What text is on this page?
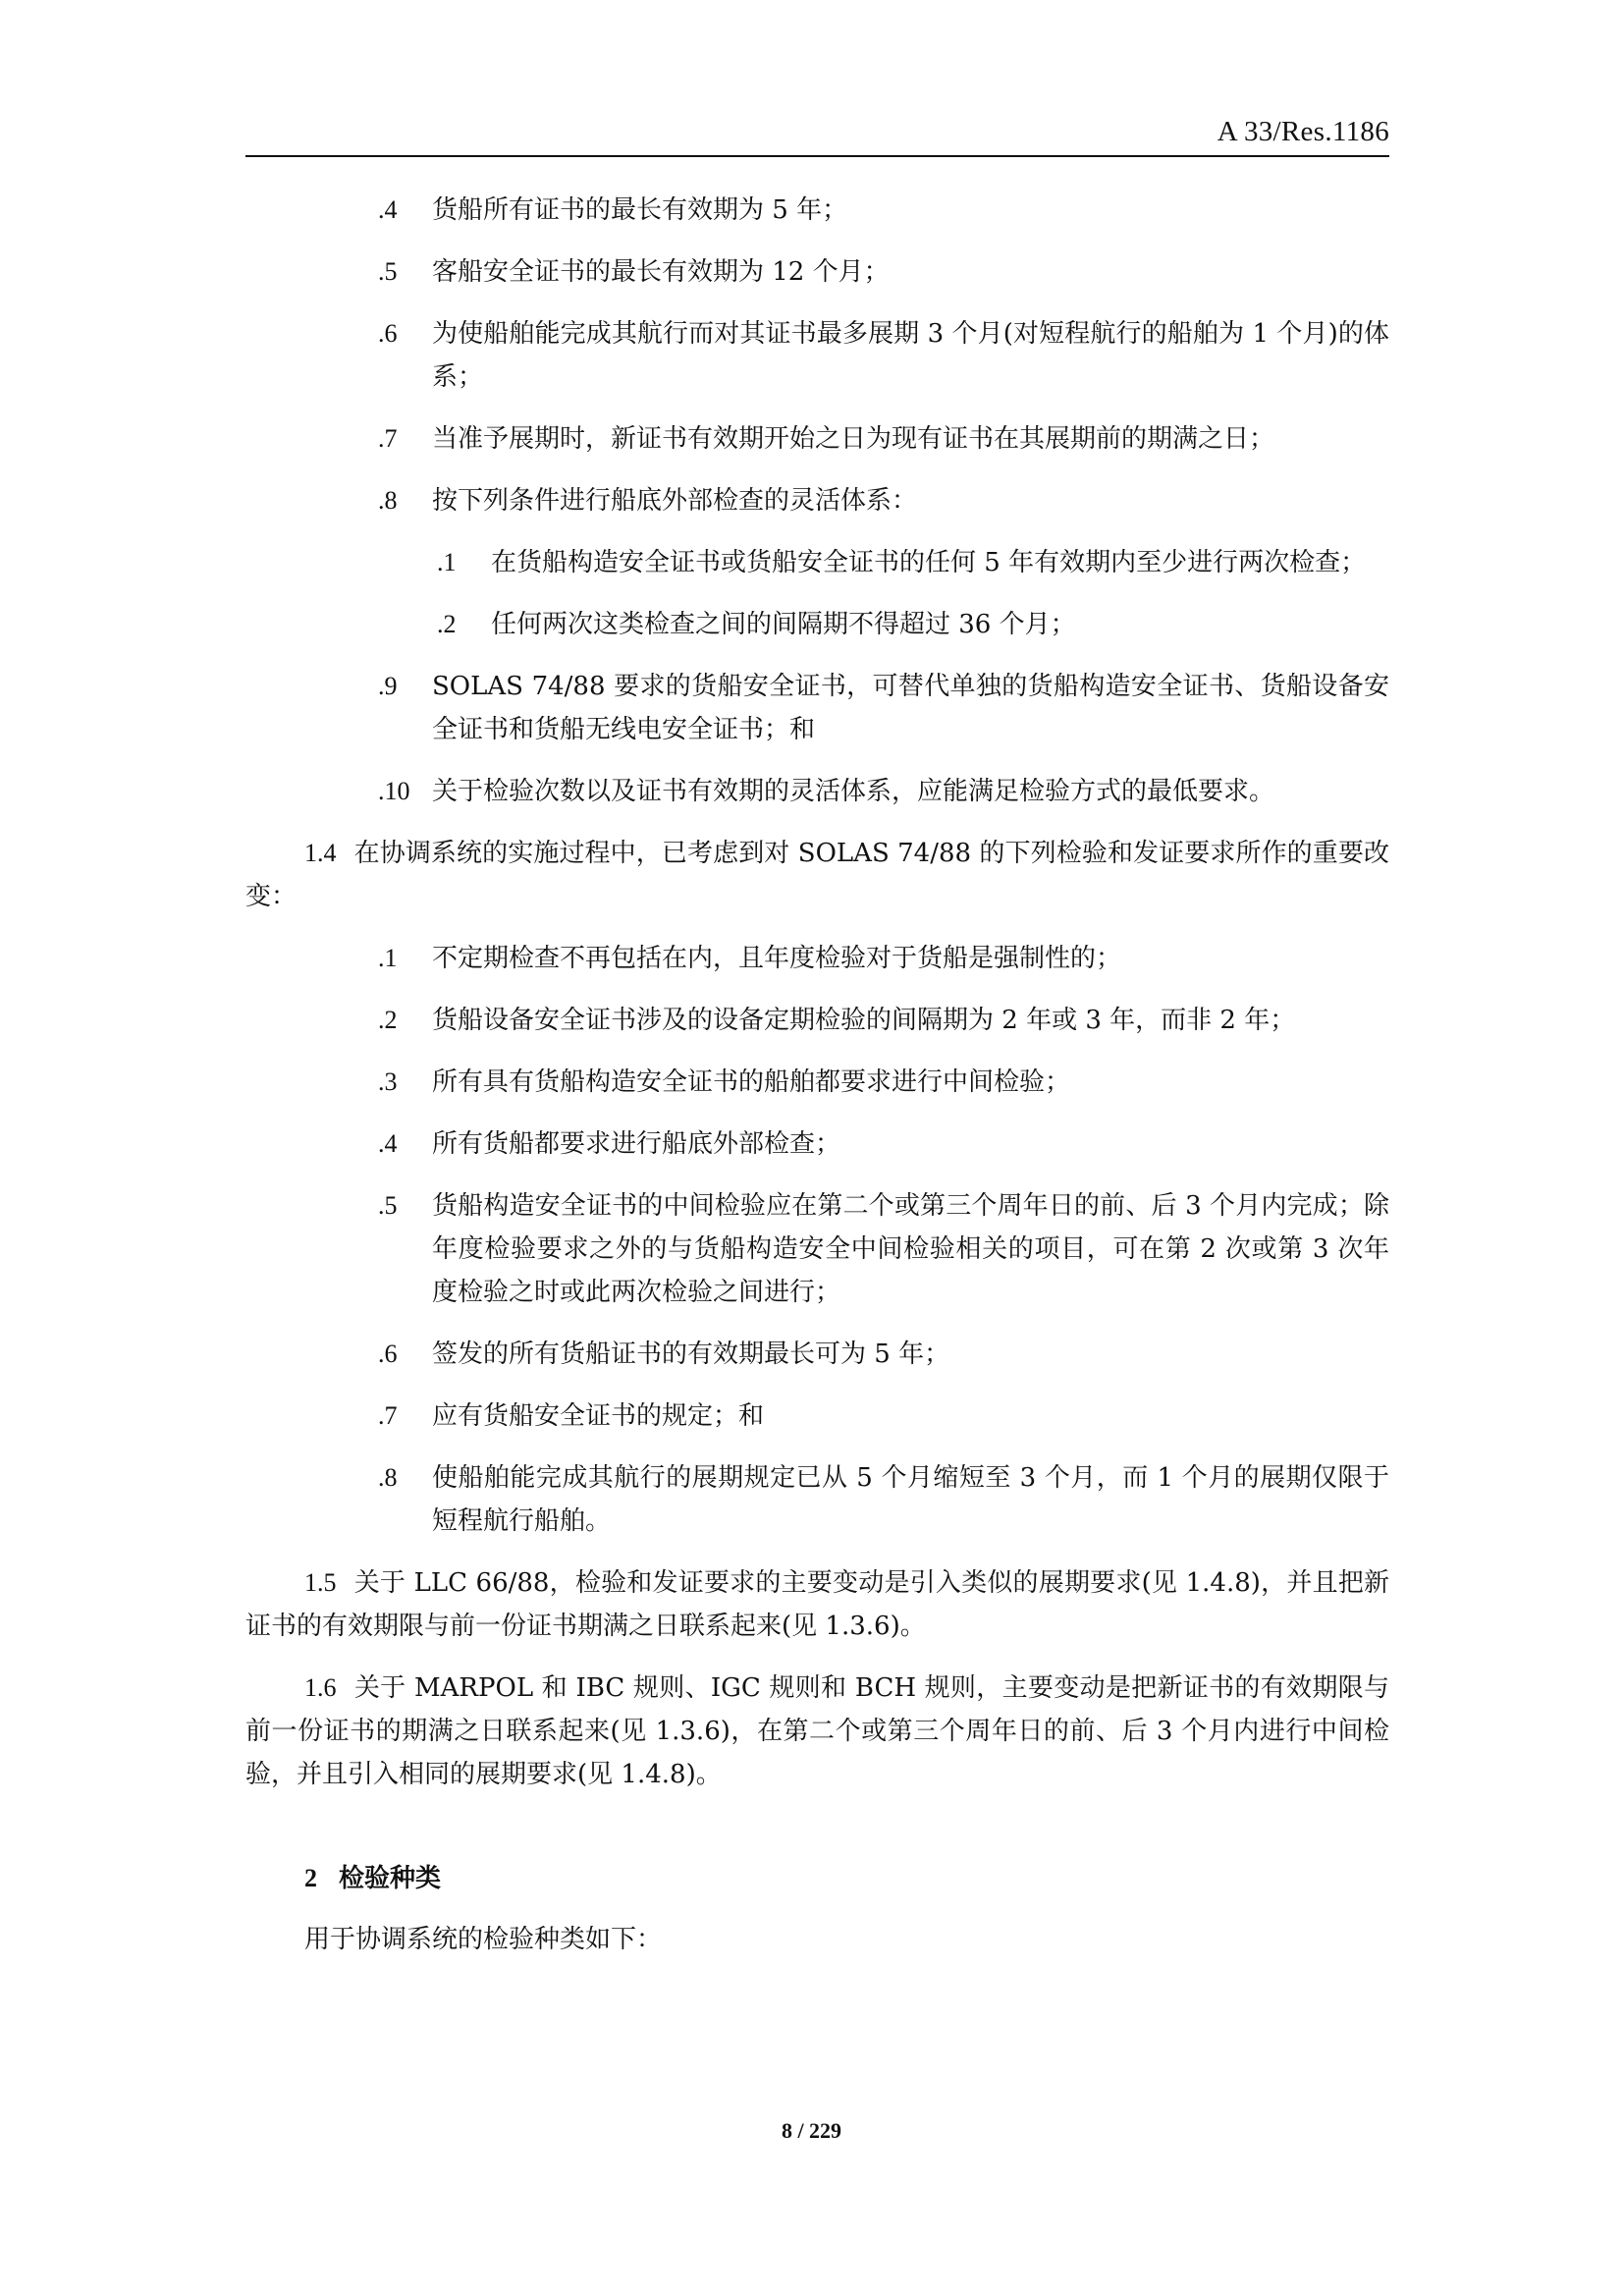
A 33/Res.1186
.4 货船所有证书的最长有效期为 5 年；
.5 客船安全证书的最长有效期为 12 个月；
.6 为使船舶能完成其航行而对其证书最多展期 3 个月(对短程航行的船舶为 1 个月)的体系；
.7 当准予展期时，新证书有效期开始之日为现有证书在其展期前的期满之日；
.8 按下列条件进行船底外部检查的灵活体系：
.1 在货船构造安全证书或货船安全证书的任何 5 年有效期内至少进行两次检查；
.2 任何两次这类检查之间的间隔期不得超过 36 个月；
.9 SOLAS 74/88 要求的货船安全证书，可替代单独的货船构造安全证书、货船设备安全证书和货船无线电安全证书；和
.10 关于检验次数以及证书有效期的灵活体系，应能满足检验方式的最低要求。
1.4 在协调系统的实施过程中，已考虑到对 SOLAS 74/88 的下列检验和发证要求所作的重要改变：
.1 不定期检查不再包括在内，且年度检验对于货船是强制性的；
.2 货船设备安全证书涉及的设备定期检验的间隔期为 2 年或 3 年，而非 2 年；
.3 所有具有货船构造安全证书的船舶都要求进行中间检验；
.4 所有货船都要求进行船底外部检查；
.5 货船构造安全证书的中间检验应在第二个或第三个周年日的前、后 3 个月内完成；除年度检验要求之外的与货船构造安全中间检验相关的项目，可在第 2 次或第 3 次年度检验之时或此两次检验之间进行；
.6 签发的所有货船证书的有效期最长可为 5 年；
.7 应有货船安全证书的规定；和
.8 使船舶能完成其航行的展期规定已从 5 个月缩短至 3 个月，而 1 个月的展期仅限于短程航行船舶。
1.5 关于 LLC 66/88，检验和发证要求的主要变动是引入类似的展期要求(见 1.4.8)，并且把新证书的有效期限与前一份证书期满之日联系起来(见 1.3.6)。
1.6 关于 MARPOL 和 IBC 规则、IGC 规则和 BCH 规则，主要变动是把新证书的有效期限与前一份证书的期满之日联系起来(见 1.3.6)，在第二个或第三个周年日的前、后 3 个月内进行中间检验，并且引入相同的展期要求(见 1.4.8)。
2 检验种类
用于协调系统的检验种类如下：
8 / 229
